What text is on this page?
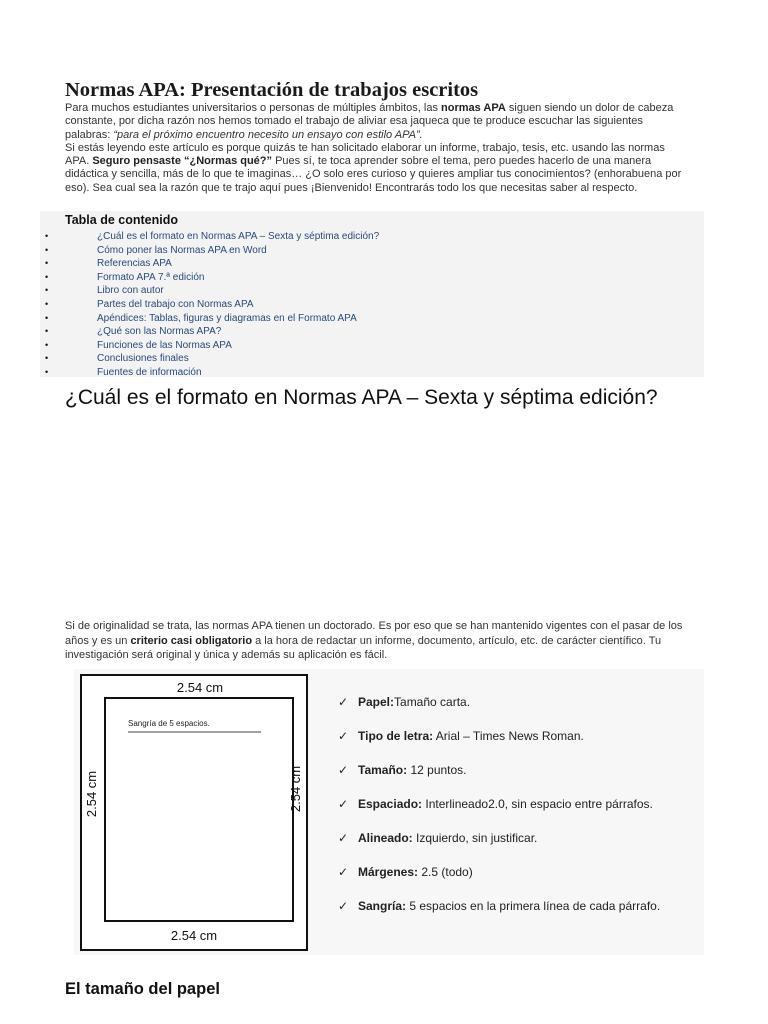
Normas APA: Presentación de trabajos escritos

Para muchos estudiantes universitarios o personas de múltiples ámbitos, las normas APA siguen siendo un dolor de cabeza constante, por dicha razón nos hemos tomado el trabajo de aliviar esa jaqueca que te produce escuchar las siguientes palabras: “para el próximo encuentro necesito un ensayo con estilo APA”.

Si estás leyendo este artículo es porque quizás te han solicitado elaborar un informe, trabajo, tesis, etc. usando las normas APA. Seguro pensaste “¿Normas qué?” Pues sí, te toca aprender sobre el tema, pero puedes hacerlo de una manera didáctica y sencilla, más de lo que te imaginas… ¿O solo eres curioso y quieres ampliar tus conocimientos? (enhorabuena por eso). Sea cual sea la razón que te trajo aquí pues ¡Bienvenido! Encontrarás todo los que necesitas saber al respecto.

Tabla de contenido
•	¿Cuál es el formato en Normas APA – Sexta y séptima edición?
•	Cómo poner las Normas APA en Word
•	Referencias APA
•	Formato APA 7.ª edición
•	Libro con autor
•	Partes del trabajo con Normas APA
•	Apéndices: Tablas, figuras y diagramas en el Formato APA
•	¿Qué son las Normas APA?
•	Funciones de las Normas APA
•	Conclusiones finales
•	Fuentes de información
¿Cuál es el formato en Normas APA – Sexta y séptima edición?

Si de originalidad se trata, las normas APA tienen un doctorado. Es por eso que se han mantenido vigentes con el pasar de los años y es un criterio casi obligatorio a la hora de redactar un informe, documento, artículo, etc. de carácter científico. Tu investigación será original y única y además su aplicación es fácil.

2.54 cm
2.54 cm
2.54 cm	2.54 cm
Sangría de 5 espacios.
✓ Papel:Tamaño carta.
✓ Tipo de letra: Arial – Times News Roman.
✓ Tamaño: 12 puntos.
✓ Espaciado: Interlineado2.0, sin espacio entre párrafos.
✓ Alineado: Izquierdo, sin justificar.
✓ Márgenes: 2.5 (todo)
✓ Sangría: 5 espacios en la primera línea de cada párrafo.
El tamaño del papel
